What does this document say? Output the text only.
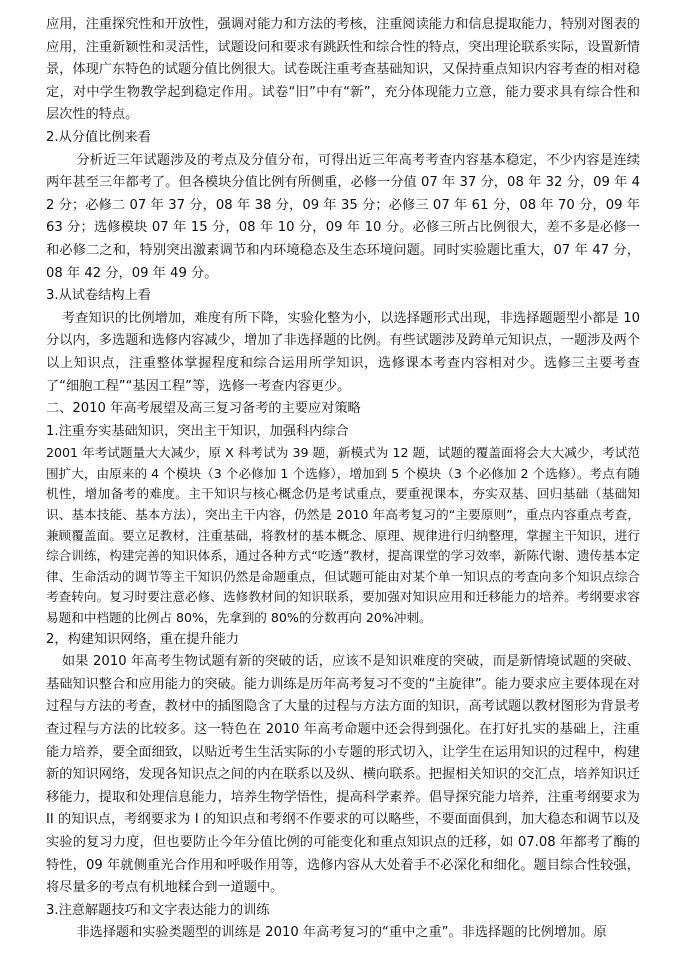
应用，注重探究性和开放性，强调对能力和方法的考核，注重阅读能力和信息提取能力，特别对图表的应用，注重新颖性和灵活性，试题设问和要求有跳跃性和综合性的特点，突出理论联系实际，设置新情景，体现广东特色的试题分值比例很大。试卷既注重考查基础知识，又保持重点知识内容考查的相对稳定，对中学生物教学起到稳定作用。试卷“旧”中有“新”，充分体现能力立意，能力要求具有综合性和层次性的特点。

2.从分值比例来看

分析近三年试题涉及的考点及分值分布，可得出近三年高考考查内容基本稳定，不少内容是连续两年甚至三年都考了。但各模块分值比例有所侧重，必修一分值 07 年 37 分，08 年 32 分，09 年 42 分；必修二 07 年 37 分，08 年 38 分，09 年 35 分；必修三 07 年 61 分，08 年 70 分，09 年 63 分；选修模块 07 年 15 分，08 年 10 分，09 年 10 分。必修三所占比例很大，差不多是必修一和必修二之和，特别突出激素调节和内环境稳态及生态环境问题。同时实验题比重大，07 年 47 分，08 年 42 分，09 年 49 分。

3.从试卷结构上看

考查知识的比例增加，难度有所下降，实验化整为小，以选择题形式出现，非选择题题型小都是 10 分以内，多选题和选修内容减少，增加了非选择题的比例。有些试题涉及跨单元知识点，一题涉及两个以上知识点，注重整体掌握程度和综合运用所学知识，选修课本考查内容相对少。选修三主要考查了“细胞工程”“基因工程”等，选修一考查内容更少。

二、2010 年高考展望及高三复习备考的主要应对策略

1.注重夯实基础知识，突出主干知识，加强科内综合

2001 年考试题量大大减少，原 X 科考试为 39 题，新模式为 12 题，试题的覆盖面将会大大减少，考试范围扩大，由原来的 4 个模块（3 个必修加 1 个选修），增加到 5 个模块（3 个必修加 2 个选修）。考点有随机性，增加备考的难度。主干知识与核心概念仍是考试重点，要重视课本，夯实双基、回归基础（基础知识、基本技能、基本方法），突出主干内容，仍然是 2010 年高考复习的“主要原则”，重点内容重点考查，兼顾覆盖面。要立足教材，注重基础，将教材的基本概念、原理、规律进行归纳整理，掌握主干知识，进行综合训练，构建完善的知识体系，通过各种方式“吃透”教材，提高课堂的学习效率，新陈代谢、遗传基本定律、生命活动的调节等主干知识仍然是命题重点，但试题可能由对某个单一知识点的考查向多个知识点综合考查转向。复习时要注意必修、选修教材间的知识联系，要加强对知识应用和迁移能力的培养。考纲要求容易题和中档题的比例占 80%，先拿到的 80%的分数再向 20%冲刺。

2，构建知识网络，重在提升能力

如果 2010 年高考生物试题有新的突破的话，应该不是知识难度的突破，而是新情境试题的突破、基础知识整合和应用能力的突破。能力训练是历年高考复习不变的“主旋律”。能力要求应主要体现在对过程与方法的考查，教材中的插图隐含了大量的过程与方法方面的知识，高考试题以教材图形为背景考查过程与方法的比较多。这一特色在 2010 年高考命题中还会得到强化。在打好扎实的基础上，注重能力培养，要全面细致，以贴近考生生活实际的小专题的形式切入，让学生在运用知识的过程中，构建新的知识网络，发现各知识点之间的内在联系以及纵、横向联系。把握相关知识的交汇点，培养知识迁移能力，提取和处理信息能力，培养生物学悟性，提高科学素养。倡导探究能力培养，注重考纲要求为 II 的知识点，考纲要求为 I 的知识点和考纲不作要求的可以略些，不要面面俱到，加大稳态和调节以及实验的复习力度，但也要防止今年分值比例的可能变化和重点知识点的迁移，如 07.08 年都考了酶的特性，09 年就侧重光合作用和呼吸作用等，选修内容从大处着手不必深化和细化。题目综合性较强，将尽量多的考点有机地糅合到一道题中。

3.注意解题技巧和文字表达能力的训练

非选择题和实验类题型的训练是 2010 年高考复习的“重中之重”。非选择题的比例增加。原
